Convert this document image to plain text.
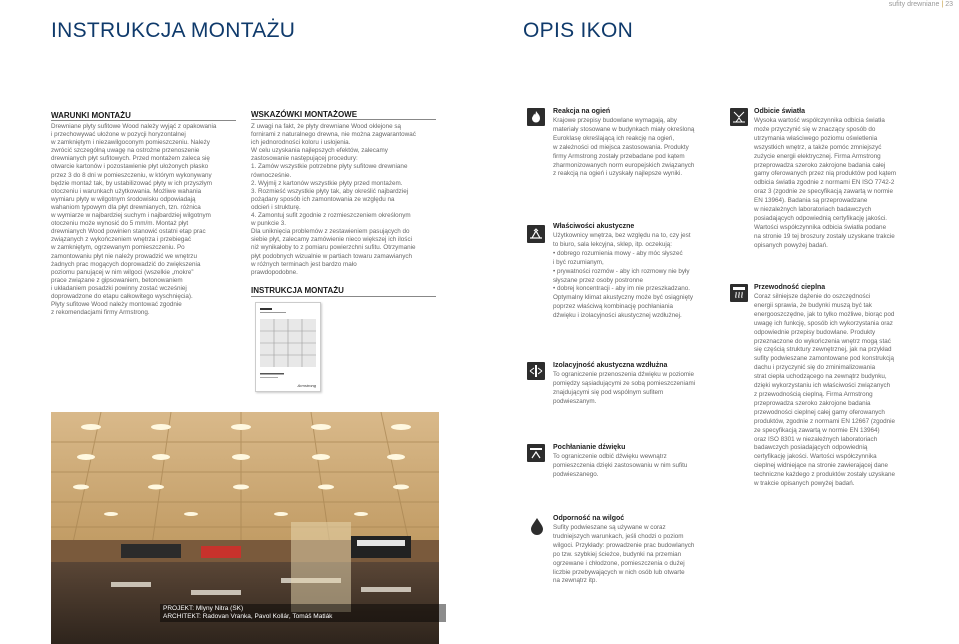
sufity drewniane | 23
INSTRUKCJA MONTAŻU	OPIS IKON
WARUNKI MONTAŻU
Drewniane płyty sufitowe Wood należy wyjąć z opakowania
i przechowywać ułożone w pozycji horyzontalnej
w zamkniętym i niezawilgoconym pomieszczeniu. Należy
zwrócić szczególną uwagę na ostrożne przenoszenie
drewnianych płyt sufitowych. Przed montażem zaleca się
otwarcie kartonów i pozostawienie płyt ułożonych płasko
przez 3 do 8 dni w pomieszczeniu, w którym wykonywany
będzie montaż tak, by ustabilizować płyty w ich przyszłym
otoczeniu i warunkach użytkowania. Możliwe wahania
wymiaru płyty w wilgotnym środowisku odpowiadają
wahaniom typowym dla płyt drewnianych, tzn. różnica
w wymiarze w najbardziej suchym i najbardziej wilgotnym
otoczeniu może wynosić do 5 mm/m. Montaż płyt
drewnianych Wood powinien stanowić ostatni etap prac
związanych z wykończeniem wnętrza i przebiegać
w zamkniętym, ogrzewanym pomieszczeniu. Po
zamontowaniu płyt nie należy prowadzić we wnętrzu
żadnych prac mogących doprowadzić do zwiększenia
poziomu panującej w nim wilgoci (wszelkie „mokre”
prace związane z gipsowaniem, betonowaniem
i układaniem posadzki powinny zostać wcześniej
doprowadzone do etapu całkowitego wyschnięcia).
Płyty sufitowe Wood należy montować zgodnie
z rekomendacjami firmy Armstrong.
WSKAZÓWKI MONTAŻOWE
Z uwagi na fakt, że płyty drewniane Wood oklejone są
fornirami z naturalnego drewna, nie można zagwarantować
ich jednorodności koloru i usłojenia.
W celu uzyskania najlepszych efektów, zalecamy
zastosowanie następującej procedury:
1. Zamów wszystkie potrzebne płyty sufitowe drewniane
równocześnie.
2. Wyjmij z kartonów wszystkie płyty przed montażem.
3. Rozmieść wszystkie płyty tak, aby określić najbardziej
pożądany sposób ich zamontowania ze względu na
odcień i strukturę.
4. Zamontuj sufit zgodnie z rozmieszczeniem określonym
w punkcie 3.
Dla uniknięcia problemów z zestawieniem pasujących do
siebie płyt, zalecamy zamówienie nieco większej ich ilości
niż wynikałoby to z pomiaru powierzchni sufitu. Otrzymanie
płyt podobnych wizualnie w partiach towaru zamawianych
w różnych terminach jest bardzo mało
prawdopodobne.
INSTRUKCJA MONTAŻU
Armstrong
PROJEKT: Mlyny Nitra (SK)
ARCHITEKT: Radovan Vranka, Pavol Kollár, Tomáš Matlák
Reakcja na ogień
Krajowe przepisy budowlane wymagają, aby
materiały stosowane w budynkach miały określoną
Euroklasę określającą ich reakcję na ogień,
w zależności od miejsca zastosowania. Produkty
firmy Armstrong zostały przebadane pod kątem
zharmonizowanych norm europejskich związanych
z reakcją na ogień i uzyskały najlepsze wyniki.
Właściwości akustyczne
Użytkownicy wnętrza, bez względu na to, czy jest
to biuro, sala lekcyjna, sklep, itp. oczekują:
• dobrego rozumienia mowy - aby móc słyszeć
i być rozumianym,
• prywatności rozmów - aby ich rozmowy nie były
słyszane przez osoby postronne
• dobrej koncentracji - aby im nie przeszkadzano.
Optymalny klimat akustyczny może być osiągnięty
poprzez właściwą kombinację pochłaniania
dźwięku i izolacyjności akustycznej wzdłużnej.
Izolacyjność akustyczna wzdłużna
To ograniczenie przenoszenia dźwięku w poziomie
pomiędzy sąsiadującymi ze sobą pomieszczeniami
znajdującymi się pod wspólnym sufitem
podwieszanym.
Pochłanianie dźwięku
To ograniczenie odbić dźwięku wewnątrz
pomieszczenia dzięki zastosowaniu w nim sufitu
podwieszanego.
Odporność na wilgoć
Sufity podwieszane są używane w coraz
trudniejszych warunkach, jeśli chodzi o poziom
wilgoci. Przykłady: prowadzenie prac budowlanych
po tzw. szybkiej ścieżce, budynki na przemian
ogrzewane i chłodzone, pomieszczenia o dużej
liczbie przebywających w nich osób lub otwarte
na zewnątrz itp.
Odbicie światła
Wysoka wartość współczynnika odbicia światła
może przyczynić się w znaczący sposób do
utrzymania właściwego poziomu oświetlenia
wszystkich wnętrz, a także pomóc zmniejszyć
zużycie energii elektrycznej. Firma Armstrong
przeprowadza szeroko zakrojone badania całej
gamy oferowanych przez nią produktów pod kątem
odbicia światła zgodnie z normami EN ISO 7742-2
oraz 3 (zgodnie ze specyfikacją zawartą w normie
EN 13964). Badania są przeprowadzane
w niezależnych laboratoriach badawczych
posiadających odpowiednią certyfikację jakości.
Wartości współczynnika odbicia światła podane
na stronie 19 tej broszury zostały uzyskane trakcie
opisanych powyżej badań.
Przewodność cieplna
Coraz silniejsze dążenie do oszczędności
energii sprawia, że budynki muszą być tak
energooszczędne, jak to tylko możliwe, biorąc pod
uwagę ich funkcję, sposób ich wykorzystania oraz
odpowiednie przepisy budowlane. Produkty
przeznaczone do wykończenia wnętrz mogą stać
się częścią struktury zewnętrznej, jak na przykład
sufity podwieszane zamontowane pod konstrukcją
dachu i przyczynić się do zminimalizowania
strat ciepła uchodzącego na zewnątrz budynku,
dzięki wykorzystaniu ich właściwości związanych
z przewodnością cieplną. Firma Armstrong
przeprowadza szeroko zakrojone badania
przewodności cieplnej całej gamy oferowanych
produktów, zgodnie z normami EN 12667 (zgodnie
ze specyfikacją zawartą w normie EN 13964)
oraz ISO 8301 w niezależnych laboratoriach
badawczych posiadających odpowiednią
certyfikację jakości. Wartości współczynnika
cieplnej widniejące na stronie zawierającej dane
techniczne każdego z produktów zostały uzyskane
w trakcie opisanych powyżej badań.
